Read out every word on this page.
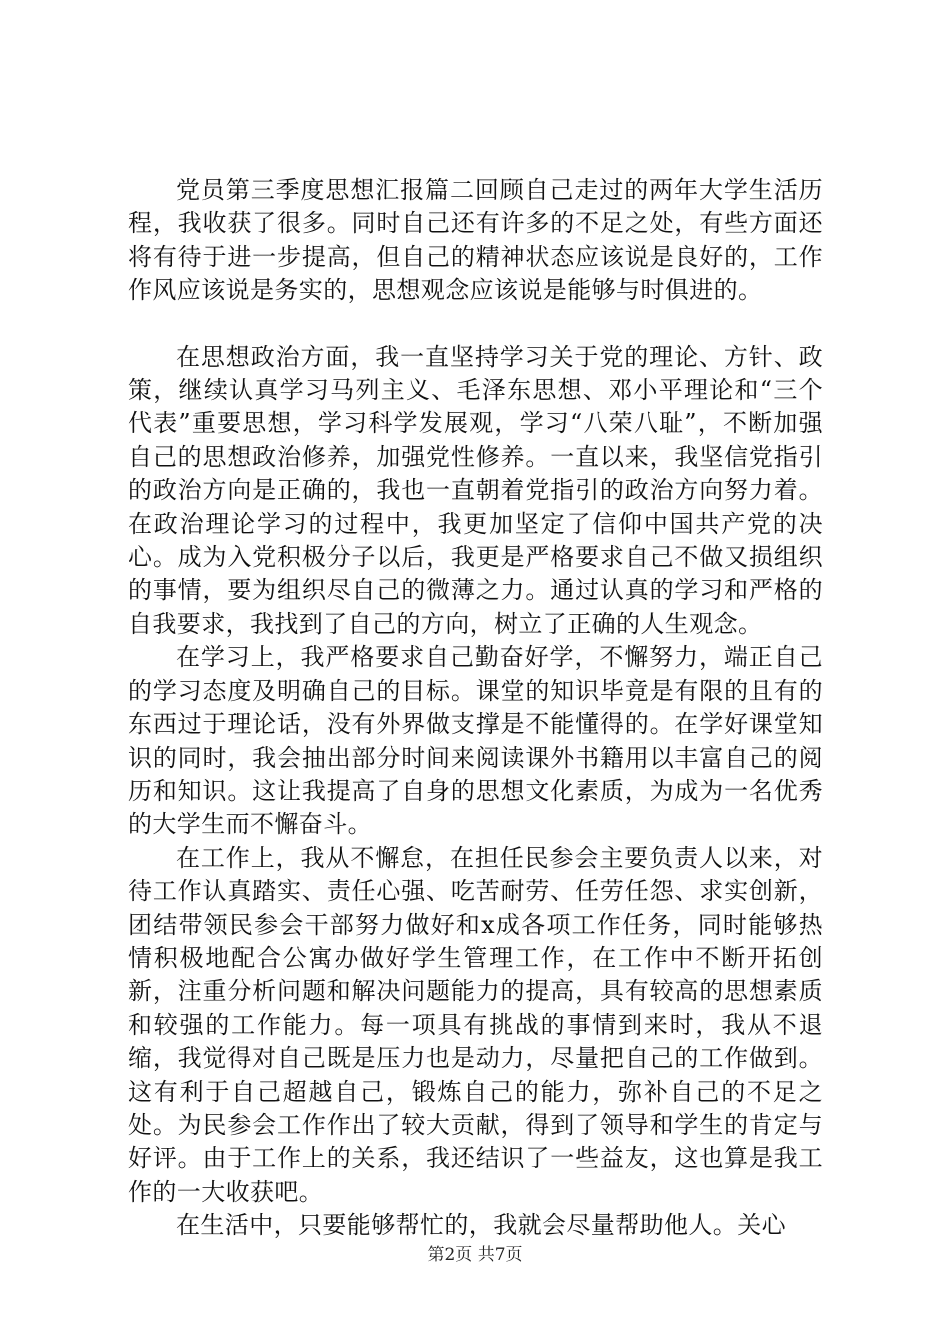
党员第三季度思想汇报篇二回顾自己走过的两年大学生活历程，我收获了很多。同时自己还有许多的不足之处，有些方面还将有待于进一步提高，但自己的精神状态应该说是良好的，工作作风应该说是务实的，思想观念应该说是能够与时俱进的。

在思想政治方面，我一直坚持学习关于党的理论、方针、政策，继续认真学习马列主义、毛泽东思想、邓小平理论和“三个代表”重要思想，学习科学发展观，学习“八荣八耻”，不断加强自己的思想政治修养，加强党性修养。一直以来，我坚信党指引的政治方向是正确的，我也一直朝着党指引的政治方向努力着。在政治理论学习的过程中，我更加坚定了信仰中国共产党的决心。成为入党积极分子以后，我更是严格要求自己不做又损组织的事情，要为组织尽自己的微薄之力。通过认真的学习和严格的自我要求，我找到了自己的方向，树立了正确的人生观念。

在学习上，我严格要求自己勤奋好学，不懈努力，端正自己的学习态度及明确自己的目标。课堂的知识毕竟是有限的且有的东西过于理论话，没有外界做支撑是不能懂得的。在学好课堂知识的同时，我会抽出部分时间来阅读课外书籍用以丰富自己的阅历和知识。这让我提高了自身的思想文化素质，为成为一名优秀的大学生而不懈奋斗。

在工作上，我从不懈怠，在担任民参会主要负责人以来，对待工作认真踏实、责任心强、吃苦耐劳、任劳任怨、求实创新，团结带领民参会干部努力做好和x成各项工作任务，同时能够热情积极地配合公寓办做好学生管理工作，在工作中不断开拓创新，注重分析问题和解决问题能力的提高，具有较高的思想素质和较强的工作能力。每一项具有挑战的事情到来时，我从不退缩，我觉得对自己既是压力也是动力，尽量把自己的工作做到。这有利于自己超越自己，锻炼自己的能力，弥补自己的不足之处。为民参会工作作出了较大贡献，得到了领导和学生的肯定与好评。由于工作上的关系，我还结识了一些益友，这也算是我工作的一大收获吧。

在生活中，只要能够帮忙的，我就会尽量帮助他人。关心

第2页 共7页
